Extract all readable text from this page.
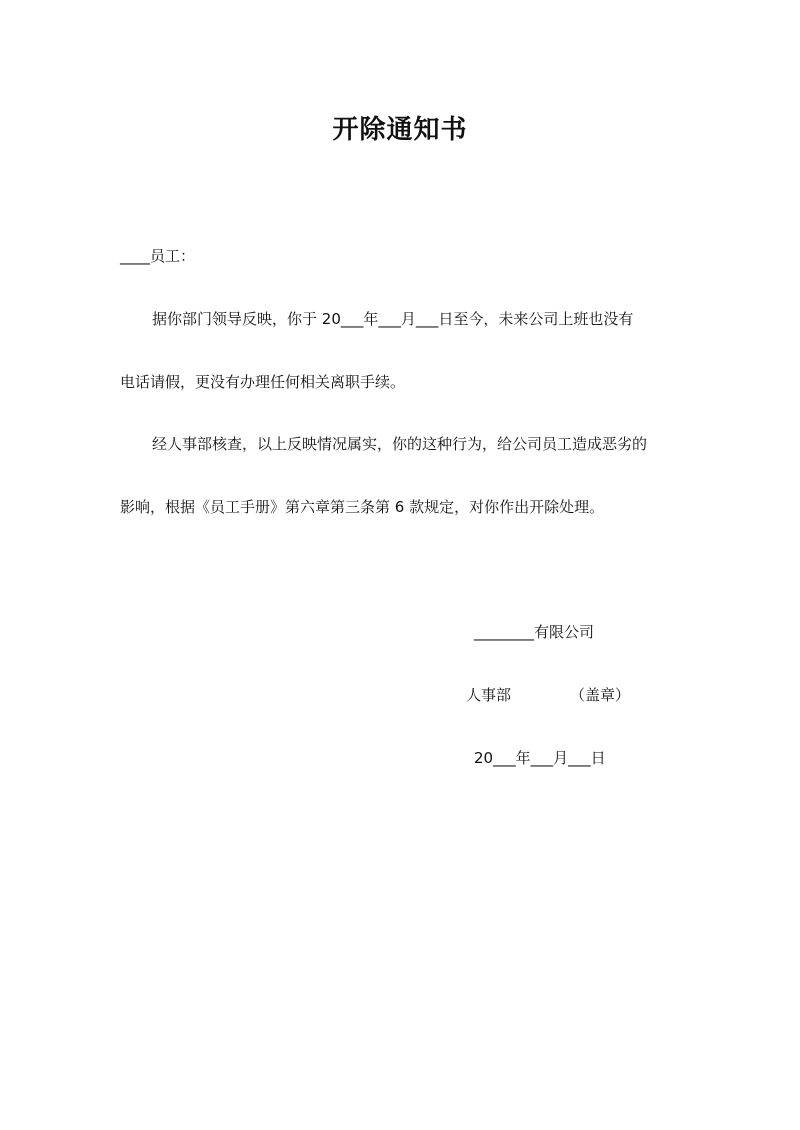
开除通知书
____员工：
据你部门领导反映，你于 20___年___月___日至今，未来公司上班也没有
电话请假，更没有办理任何相关离职手续。
经人事部核查，以上反映情况属实，你的这种行为，给公司员工造成恶劣的
影响，根据《员工手册》第六章第三条第 6 款规定，对你作出开除处理。
________有限公司
人事部	（盖章）
20___年___月___日
